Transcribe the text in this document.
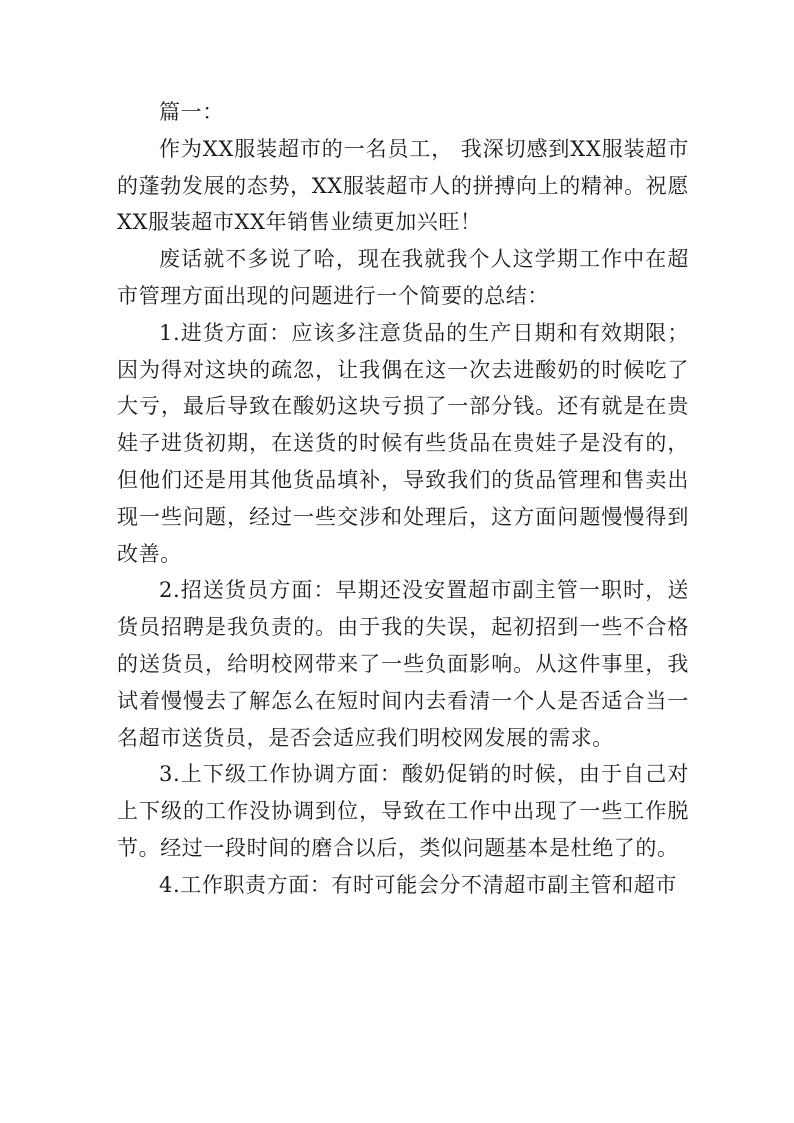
篇一：

作为XX服装超市的一名员工， 我深切感到XX服装超市的蓬勃发展的态势，XX服装超市人的拼搏向上的精神。祝愿XX服装超市XX年销售业绩更加兴旺！

废话就不多说了哈，现在我就我个人这学期工作中在超市管理方面出现的问题进行一个简要的总结：

1.进货方面：应该多注意货品的生产日期和有效期限；因为得对这块的疏忽，让我偶在这一次去进酸奶的时候吃了大亏，最后导致在酸奶这块亏损了一部分钱。还有就是在贵娃子进货初期，在送货的时候有些货品在贵娃子是没有的，但他们还是用其他货品填补，导致我们的货品管理和售卖出现一些问题，经过一些交涉和处理后，这方面问题慢慢得到改善。

2.招送货员方面：早期还没安置超市副主管一职时，送货员招聘是我负责的。由于我的失误，起初招到一些不合格的送货员，给明校网带来了一些负面影响。从这件事里，我试着慢慢去了解怎么在短时间内去看清一个人是否适合当一名超市送货员，是否会适应我们明校网发展的需求。

3.上下级工作协调方面：酸奶促销的时候，由于自己对上下级的工作没协调到位，导致在工作中出现了一些工作脱节。经过一段时间的磨合以后，类似问题基本是杜绝了的。

4.工作职责方面：有时可能会分不清超市副主管和超市
